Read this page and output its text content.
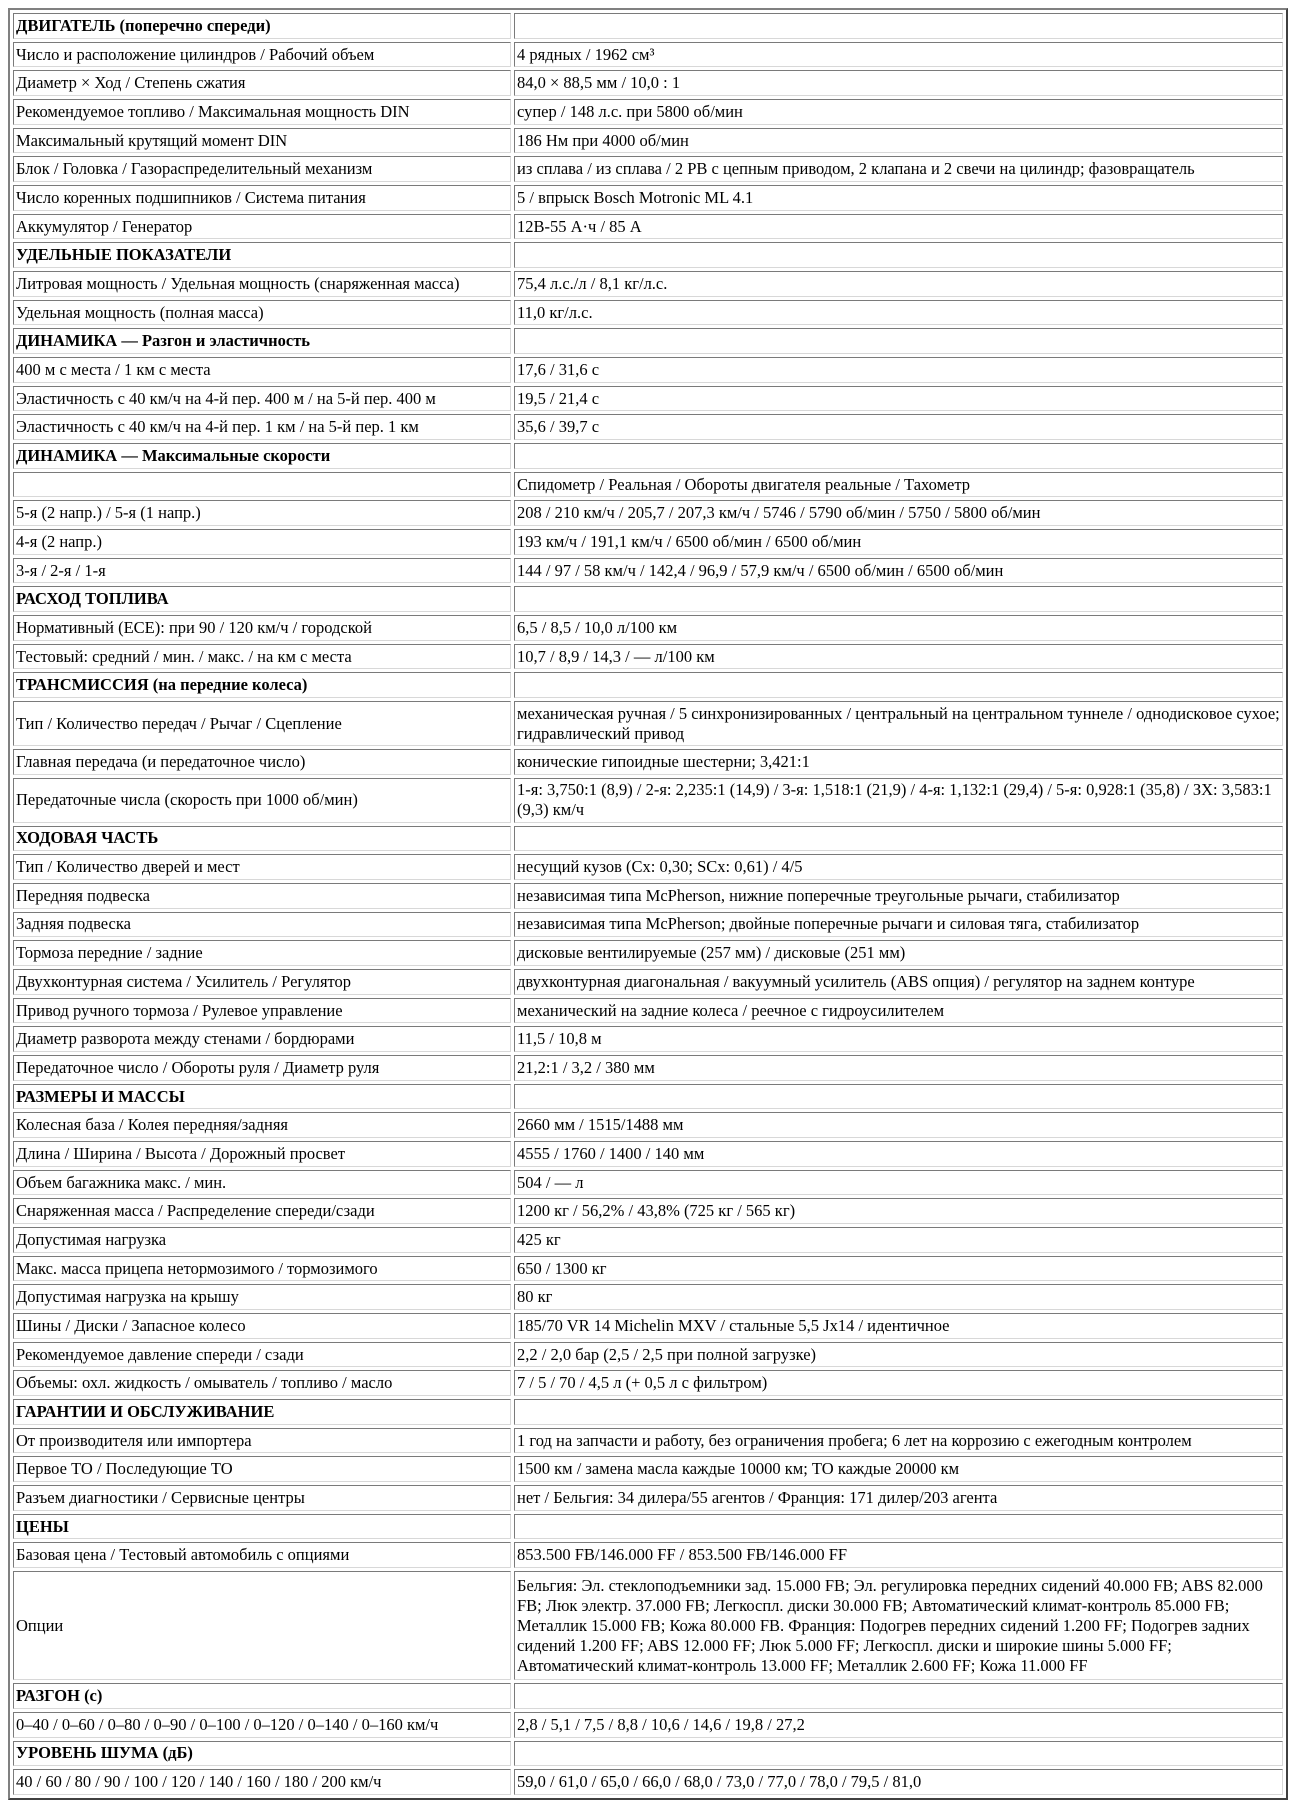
ДВИГАТЕЛЬ (поперечно спереди)	
Число и расположение цилиндров / Рабочий объем	4 рядных / 1962 см³
Диаметр × Ход / Степень сжатия	84,0 × 88,5 мм / 10,0 : 1
Рекомендуемое топливо / Максимальная мощность DIN	супер / 148 л.с. при 5800 об/мин
Максимальный крутящий момент DIN	186 Нм при 4000 об/мин
Блок / Головка / Газораспределительный механизм	из сплава / из сплава / 2 РВ с цепным приводом, 2 клапана и 2 свечи на цилиндр; фазовращатель
Число коренных подшипников / Система питания	5 / впрыск Bosch Motronic ML 4.1
Аккумулятор / Генератор	12В-55 А·ч / 85 А
УДЕЛЬНЫЕ ПОКАЗАТЕЛИ	
Литровая мощность / Удельная мощность (снаряженная масса)	75,4 л.с./л / 8,1 кг/л.с.
Удельная мощность (полная масса)	11,0 кг/л.с.
ДИНАМИКА — Разгон и эластичность	
400 м с места / 1 км с места	17,6 / 31,6 с
Эластичность с 40 км/ч на 4-й пер. 400 м / на 5-й пер. 400 м	19,5 / 21,4 с
Эластичность с 40 км/ч на 4-й пер. 1 км / на 5-й пер. 1 км	35,6 / 39,7 с
ДИНАМИКА — Максимальные скорости	
	Спидометр / Реальная / Обороты двигателя реальные / Тахометр
5-я (2 напр.) / 5-я (1 напр.)	208 / 210 км/ч / 205,7 / 207,3 км/ч / 5746 / 5790 об/мин / 5750 / 5800 об/мин
4-я (2 напр.)	193 км/ч / 191,1 км/ч / 6500 об/мин / 6500 об/мин
3-я / 2-я / 1-я	144 / 97 / 58 км/ч / 142,4 / 96,9 / 57,9 км/ч / 6500 об/мин / 6500 об/мин
РАСХОД ТОПЛИВА	
Нормативный (ECE): при 90 / 120 км/ч / городской	6,5 / 8,5 / 10,0 л/100 км
Тестовый: средний / мин. / макс. / на км с места	10,7 / 8,9 / 14,3 / — л/100 км
ТРАНСМИССИЯ (на передние колеса)	
Тип / Количество передач / Рычаг / Сцепление	механическая ручная / 5 синхронизированных / центральный на центральном туннеле / однодисковое сухое; гидравлический привод
Главная передача (и передаточное число)	конические гипоидные шестерни; 3,421:1
Передаточные числа (скорость при 1000 об/мин)	1-я: 3,750:1 (8,9) / 2-я: 2,235:1 (14,9) / 3-я: 1,518:1 (21,9) / 4-я: 1,132:1 (29,4) / 5-я: 0,928:1 (35,8) / ЗХ: 3,583:1 (9,3) км/ч
ХОДОВАЯ ЧАСТЬ	
Тип / Количество дверей и мест	несущий кузов (Cx: 0,30; SCx: 0,61) / 4/5
Передняя подвеска	независимая типа McPherson, нижние поперечные треугольные рычаги, стабилизатор
Задняя подвеска	независимая типа McPherson; двойные поперечные рычаги и силовая тяга, стабилизатор
Тормоза передние / задние	дисковые вентилируемые (257 мм) / дисковые (251 мм)
Двухконтурная система / Усилитель / Регулятор	двухконтурная диагональная / вакуумный усилитель (ABS опция) / регулятор на заднем контуре
Привод ручного тормоза / Рулевое управление	механический на задние колеса / реечное с гидроусилителем
Диаметр разворота между стенами / бордюрами	11,5 / 10,8 м
Передаточное число / Обороты руля / Диаметр руля	21,2:1 / 3,2 / 380 мм
РАЗМЕРЫ И МАССЫ	
Колесная база / Колея передняя/задняя	2660 мм / 1515/1488 мм
Длина / Ширина / Высота / Дорожный просвет	4555 / 1760 / 1400 / 140 мм
Объем багажника макс. / мин.	504 / — л
Снаряженная масса / Распределение спереди/сзади	1200 кг / 56,2% / 43,8% (725 кг / 565 кг)
Допустимая нагрузка	425 кг
Макс. масса прицепа нетормозимого / тормозимого	650 / 1300 кг
Допустимая нагрузка на крышу	80 кг
Шины / Диски / Запасное колесо	185/70 VR 14 Michelin MXV / стальные 5,5 Jx14 / идентичное
Рекомендуемое давление спереди / сзади	2,2 / 2,0 бар (2,5 / 2,5 при полной загрузке)
Объемы: охл. жидкость / омыватель / топливо / масло	7 / 5 / 70 / 4,5 л (+ 0,5 л с фильтром)
ГАРАНТИИ И ОБСЛУЖИВАНИЕ	
От производителя или импортера	1 год на запчасти и работу, без ограничения пробега; 6 лет на коррозию с ежегодным контролем
Первое ТО / Последующие ТО	1500 км / замена масла каждые 10000 км; ТО каждые 20000 км
Разъем диагностики / Сервисные центры	нет / Бельгия: 34 дилера/55 агентов / Франция: 171 дилер/203 агента
ЦЕНЫ	
Базовая цена / Тестовый автомобиль с опциями	853.500 FB/146.000 FF / 853.500 FB/146.000 FF
Опции	Бельгия: Эл. стеклоподъемники зад. 15.000 FB; Эл. регулировка передних сидений 40.000 FB; ABS 82.000 FB; Люк электр. 37.000 FB; Легкоспл. диски 30.000 FB; Автоматический климат-контроль 85.000 FB; Металлик 15.000 FB; Кожа 80.000 FB. Франция: Подогрев передних сидений 1.200 FF; Подогрев задних сидений 1.200 FF; ABS 12.000 FF; Люк 5.000 FF; Легкоспл. диски и широкие шины 5.000 FF; Автоматический климат-контроль 13.000 FF; Металлик 2.600 FF; Кожа 11.000 FF
РАЗГОН (с)	
0–40 / 0–60 / 0–80 / 0–90 / 0–100 / 0–120 / 0–140 / 0–160 км/ч	2,8 / 5,1 / 7,5 / 8,8 / 10,6 / 14,6 / 19,8 / 27,2
УРОВЕНЬ ШУМА (дБ)	
40 / 60 / 80 / 90 / 100 / 120 / 140 / 160 / 180 / 200 км/ч	59,0 / 61,0 / 65,0 / 66,0 / 68,0 / 73,0 / 77,0 / 78,0 / 79,5 / 81,0
